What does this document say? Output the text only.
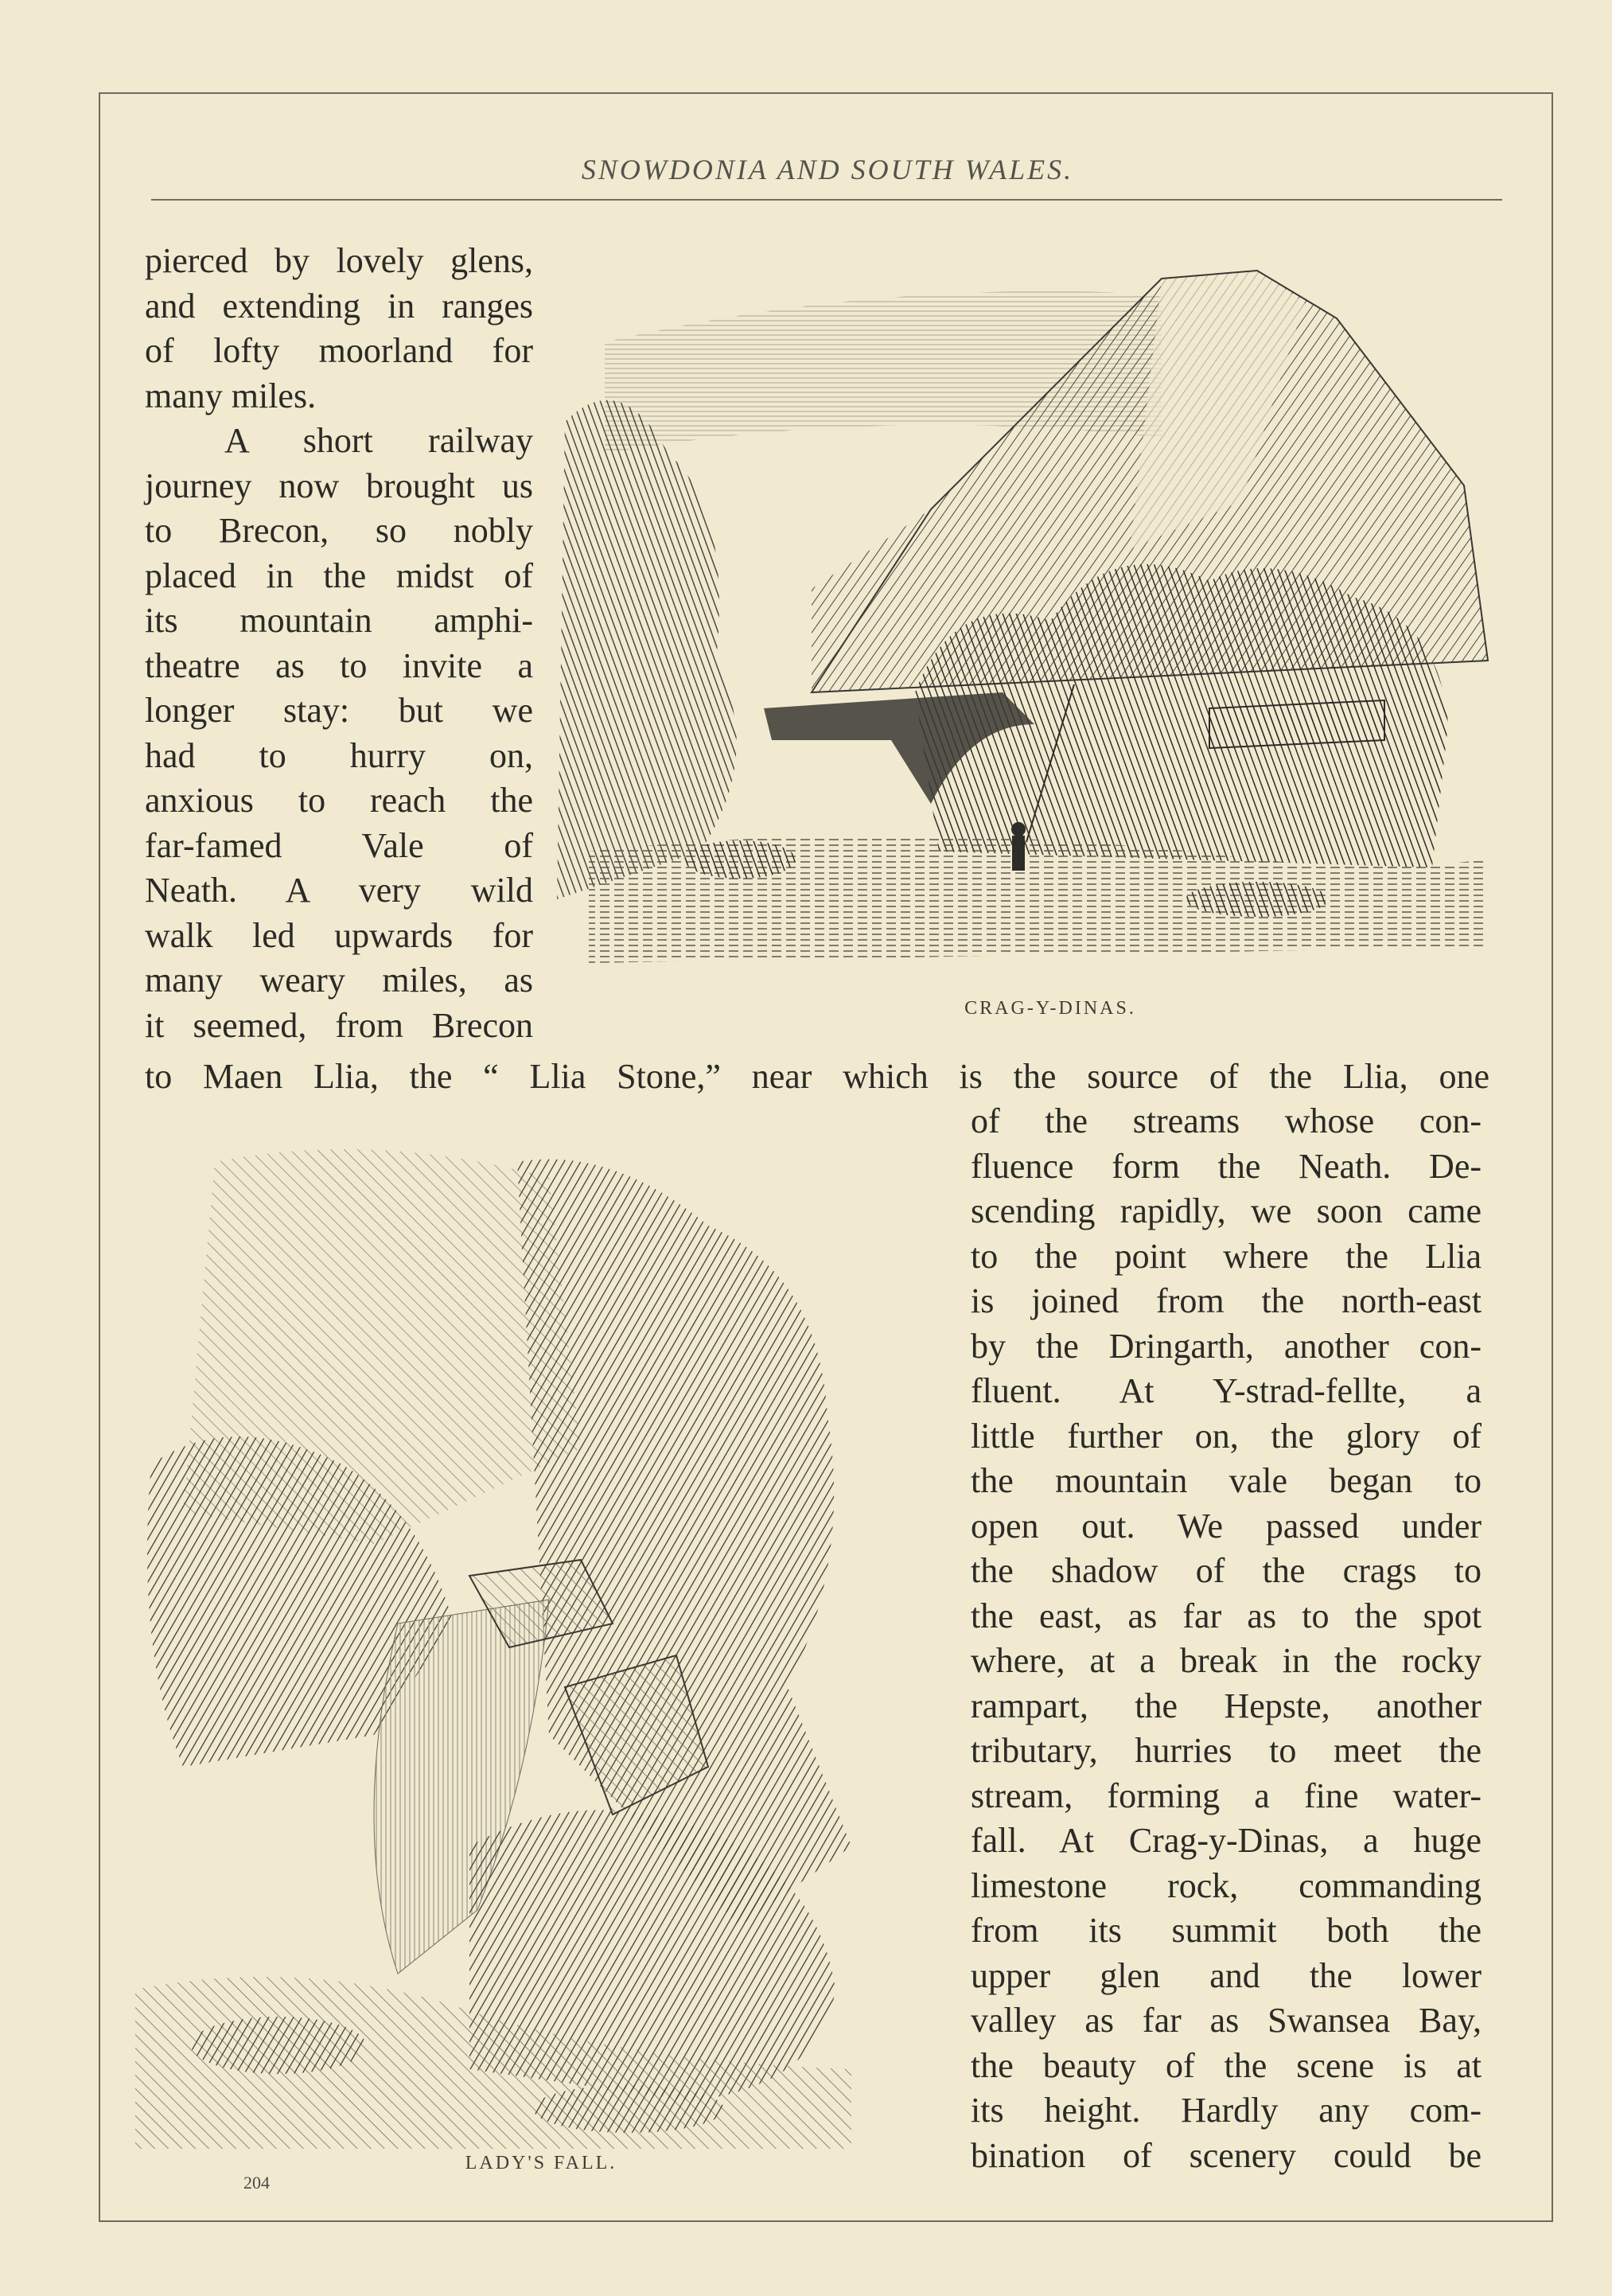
SNOWDONIA AND SOUTH WALES.
pierced by lovely glens,
and extending in ranges
of lofty moorland for
many miles.
A short railway
journey now brought us
to Brecon, so nobly
placed in the midst of
its mountain amphi-
theatre as to invite a
longer stay: but we
had to hurry on,
anxious to reach the
far-famed Vale of
Neath. A very wild
walk led upwards for
many weary miles, as
it seemed, from Brecon
to Maen Llia, the “ Llia Stone,” near which is the source of the Llia, one
of the streams whose con-
fluence form the Neath. De-
scending rapidly, we soon came
to the point where the Llia
is joined from the north-east
by the Dringarth, another con-
fluent. At Y-strad-fellte, a
little further on, the glory of
the mountain vale began to
open out. We passed under
the shadow of the crags to
the east, as far as to the spot
where, at a break in the rocky
rampart, the Hepste, another
tributary, hurries to meet the
stream, forming a fine water-
fall. At Crag-y-Dinas, a huge
limestone rock, commanding
from its summit both the
upper glen and the lower
valley as far as Swansea Bay,
the beauty of the scene is at
its height. Hardly any com-
bination of scenery could be
CRAG-Y-DINAS.
LADY'S FALL.
204
